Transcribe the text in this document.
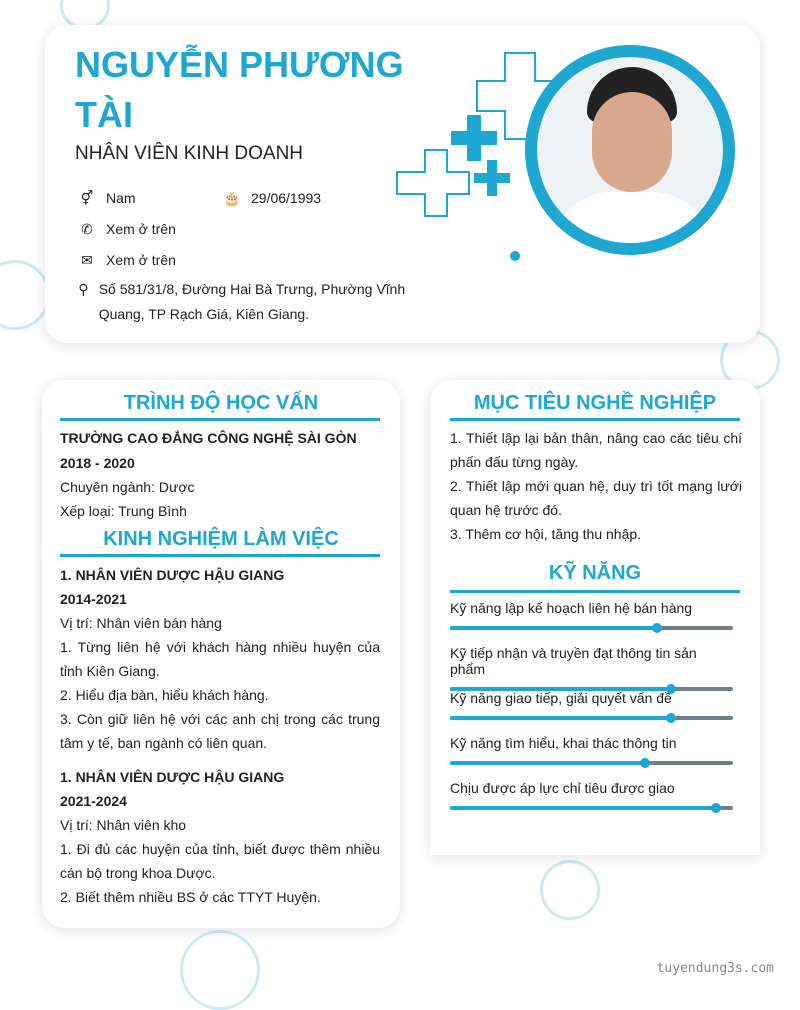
NGUYỄN PHƯƠNG TÀI
NHÂN VIÊN KINH DOANH
⚥ Nam	🎂 29/06/1993
✆ Xem ở trên
✉ Xem ở trên
⚲ Số 581/31/8, Đường Hai Bà Trưng, Phường Vĩnh Quang, TP Rạch Giá, Kiên Giang.
TRÌNH ĐỘ HỌC VẤN
TRƯỜNG CAO ĐẲNG CÔNG NGHỆ SÀI GÒN
2018 - 2020
Chuyên ngành: Dược
Xếp loại: Trung Bình
KINH NGHIỆM LÀM VIỆC
1. NHÂN VIÊN DƯỢC HẬU GIANG
2014-2021
Vị trí: Nhân viên bán hàng
1. Từng liên hệ với khách hàng nhiều huyện của tỉnh Kiên Giang.
2. Hiểu địa bàn, hiểu khách hàng.
3. Còn giữ liên hệ với các anh chị trong các trung tâm y tế, ban ngành có liên quan.
1. NHÂN VIÊN DƯỢC HẬU GIANG
2021-2024
Vị trí: Nhân viên kho
1. Đi đủ các huyện của tỉnh, biết được thêm nhiều cán bộ trong khoa Dược.
2. Biết thêm nhiều BS ở các TTYT Huyện.
MỤC TIÊU NGHỀ NGHIỆP
1. Thiết lập lại bản thân, nâng cao các tiêu chí phấn đấu từng ngày.
2. Thiết lập mới quan hệ, duy trì tốt mạng lưới quan hệ trước đó.
3. Thêm cơ hội, tăng thu nhập.
KỸ NĂNG
Kỹ năng lập kế hoạch liên hệ bán hàng
Kỹ tiếp nhận và truyền đạt thông tin sản phẩm
Kỹ năng giao tiếp, giải quyết vấn đề
Kỹ năng tìm hiểu, khai thác thông tin
Chịu được áp lực chỉ tiêu được giao
tuyendung3s.com
